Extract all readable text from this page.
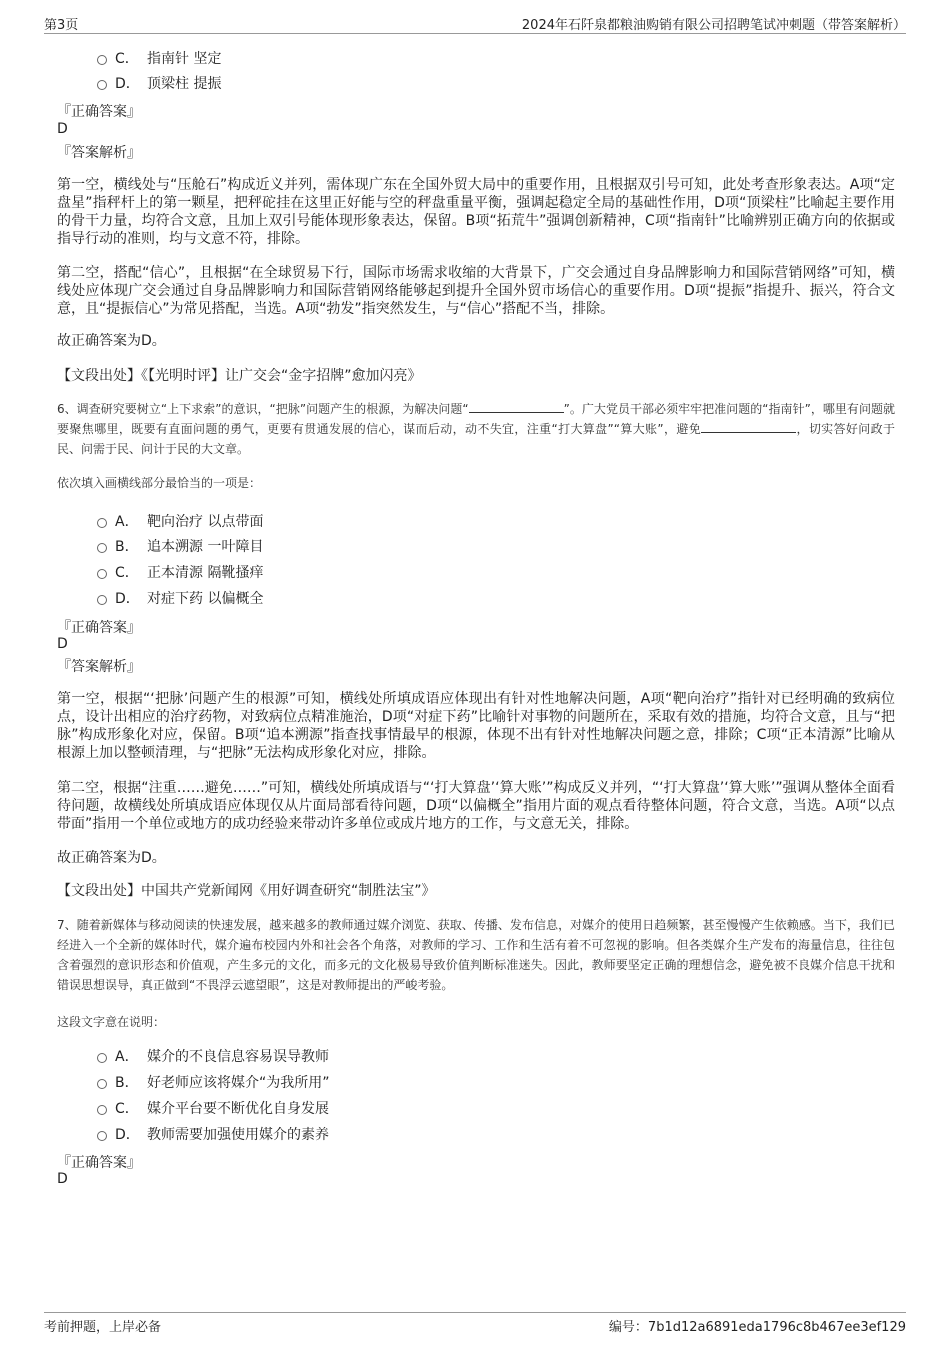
第3页	2024年石阡泉都粮油购销有限公司招聘笔试冲刺题（带答案解析）
C． 指南针 坚定
D． 顶梁柱 提振
『正确答案』
D
『答案解析』
第一空，横线处与“压舱石”构成近义并列，需体现广东在全国外贸大局中的重要作用，且根据双引号可知，此处考查形象表达。A项“定盘星”指秤杆上的第一颗星，把秤砣挂在这里正好能与空的秤盘重量平衡，强调起稳定全局的基础性作用，D项“顶梁柱”比喻起主要作用的骨干力量，均符合文意，且加上双引号能体现形象表达，保留。B项“拓荒牛”强调创新精神，C项“指南针”比喻辨别正确方向的依据或指导行动的准则，均与文意不符，排除。
第二空，搭配“信心”，且根据“在全球贸易下行，国际市场需求收缩的大背景下，广交会通过自身品牌影响力和国际营销网络”可知，横线处应体现广交会通过自身品牌影响力和国际营销网络能够起到提升全国外贸市场信心的重要作用。D项“提振”指提升、振兴，符合文意，且“提振信心”为常见搭配，当选。A项“勃发”指突然发生，与“信心”搭配不当，排除。
故正确答案为D。
【文段出处】《【光明时评】让广交会“金字招牌”愈加闪亮》
6、调查研究要树立“上下求索”的意识，“把脉”问题产生的根源，为解决问题“	”。广大党员干部必须牢牢把准问题的“指南针”，哪里有问题就要聚焦哪里，既要有直面问题的勇气，更要有贯通发展的信心，谋而后动，动不失宜，注重“打大算盘”“算大账”，避免	，切实答好问政于民、问需于民、问计于民的大文章。
依次填入画横线部分最恰当的一项是：
A． 靶向治疗 以点带面
B． 追本溯源 一叶障目
C． 正本清源 隔靴搔痒
D． 对症下药 以偏概全
『正确答案』
D
『答案解析』
第一空，根据“‘把脉’问题产生的根源”可知，横线处所填成语应体现出有针对性地解决问题，A项“靶向治疗”指针对已经明确的致病位点，设计出相应的治疗药物，对致病位点精准施治，D项“对症下药”比喻针对事物的问题所在，采取有效的措施，均符合文意，且与“把脉”构成形象化对应，保留。B项“追本溯源”指查找事情最早的根源，体现不出有针对性地解决问题之意，排除；C项“正本清源”比喻从根源上加以整顿清理，与“把脉”无法构成形象化对应，排除。
第二空，根据“注重……避免……”可知，横线处所填成语与“‘打大算盘’‘算大账’”构成反义并列，“‘打大算盘’‘算大账’”强调从整体全面看待问题，故横线处所填成语应体现仅从片面局部看待问题，D项“以偏概全”指用片面的观点看待整体问题，符合文意，当选。A项“以点带面”指用一个单位或地方的成功经验来带动许多单位或成片地方的工作，与文意无关，排除。
故正确答案为D。
【文段出处】中国共产党新闻网《用好调查研究“制胜法宝”》
7、随着新媒体与移动阅读的快速发展，越来越多的教师通过媒介浏览、获取、传播、发布信息，对媒介的使用日趋频繁，甚至慢慢产生依赖感。当下，我们已经进入一个全新的媒体时代，媒介遍布校园内外和社会各个角落，对教师的学习、工作和生活有着不可忽视的影响。但各类媒介生产发布的海量信息，往往包含着强烈的意识形态和价值观，产生多元的文化，而多元的文化极易导致价值判断标准迷失。因此，教师要坚定正确的理想信念，避免被不良媒介信息干扰和错误思想误导，真正做到“不畏浮云遮望眼”，这是对教师提出的严峻考验。
这段文字意在说明：
A． 媒介的不良信息容易误导教师
B． 好老师应该将媒介“为我所用”
C． 媒介平台要不断优化自身发展
D． 教师需要加强使用媒介的素养
『正确答案』
D
考前押题，上岸必备	编号：7b1d12a6891eda1796c8b467ee3ef129
